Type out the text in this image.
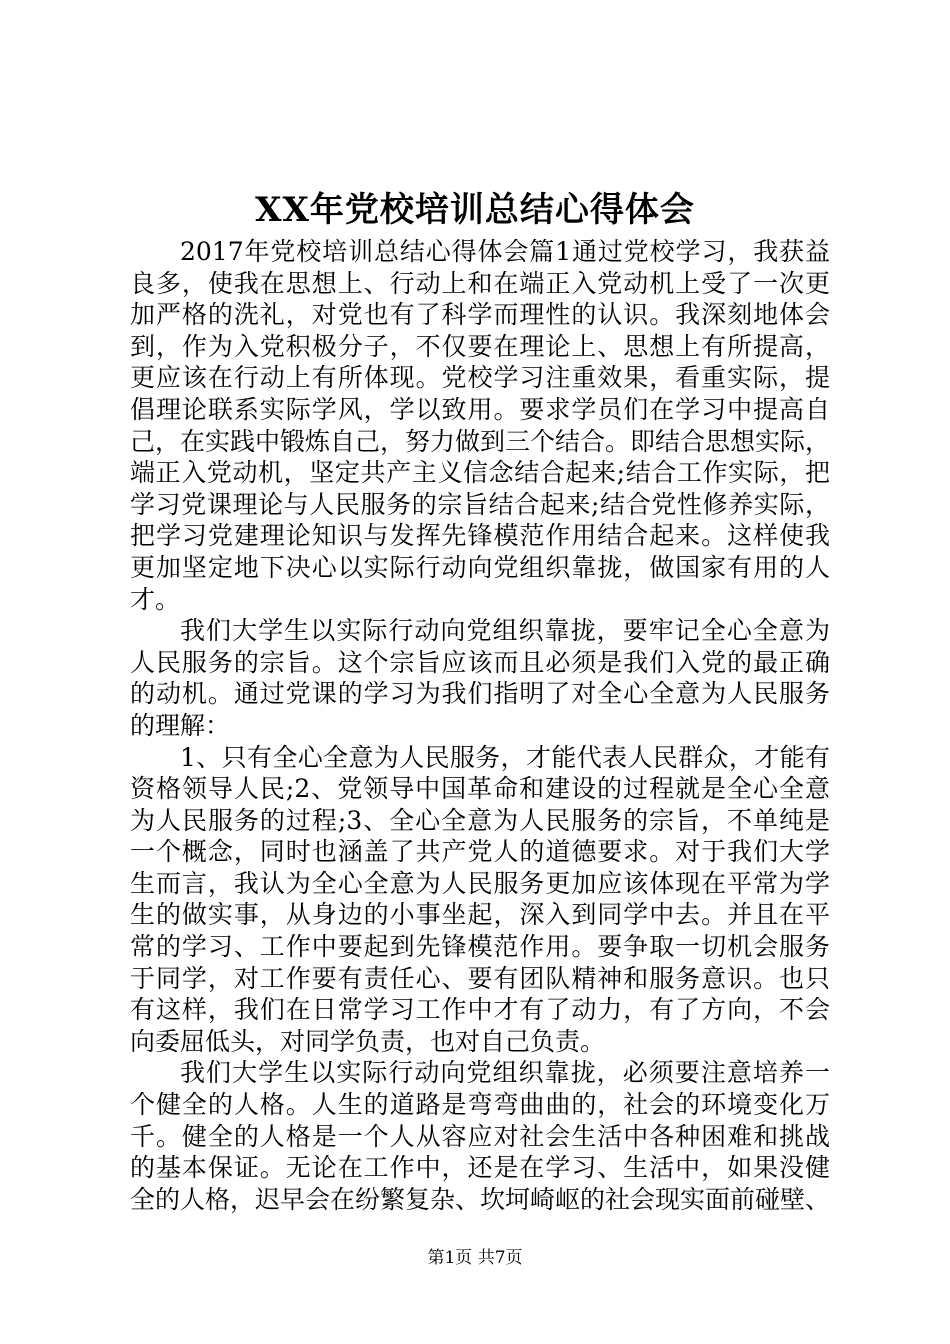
XX年党校培训总结心得体会
2017年党校培训总结心得体会篇1通过党校学习，我获益
良多，使我在思想上、行动上和在端正入党动机上受了一次更
加严格的洗礼，对党也有了科学而理性的认识。我深刻地体会
到，作为入党积极分子，不仅要在理论上、思想上有所提高，
更应该在行动上有所体现。党校学习注重效果，看重实际，提
倡理论联系实际学风，学以致用。要求学员们在学习中提高自
己，在实践中锻炼自己，努力做到三个结合。即结合思想实际，
端正入党动机，坚定共产主义信念结合起来;结合工作实际，把
学习党课理论与人民服务的宗旨结合起来;结合党性修养实际，
把学习党建理论知识与发挥先锋模范作用结合起来。这样使我
更加坚定地下决心以实际行动向党组织靠拢，做国家有用的人
才。
我们大学生以实际行动向党组织靠拢，要牢记全心全意为
人民服务的宗旨。这个宗旨应该而且必须是我们入党的最正确
的动机。通过党课的学习为我们指明了对全心全意为人民服务
的理解：
1、只有全心全意为人民服务，才能代表人民群众，才能有
资格领导人民;2、党领导中国革命和建设的过程就是全心全意
为人民服务的过程;3、全心全意为人民服务的宗旨，不单纯是
一个概念，同时也涵盖了共产党人的道德要求。对于我们大学
生而言，我认为全心全意为人民服务更加应该体现在平常为学
生的做实事，从身边的小事坐起，深入到同学中去。并且在平
常的学习、工作中要起到先锋模范作用。要争取一切机会服务
于同学，对工作要有责任心、要有团队精神和服务意识。也只
有这样，我们在日常学习工作中才有了动力，有了方向，不会
向委屈低头，对同学负责，也对自己负责。
我们大学生以实际行动向党组织靠拢，必须要注意培养一
个健全的人格。人生的道路是弯弯曲曲的，社会的环境变化万
千。健全的人格是一个人从容应对社会生活中各种困难和挑战
的基本保证。无论在工作中，还是在学习、生活中，如果没健
全的人格，迟早会在纷繁复杂、坎坷崎岖的社会现实面前碰壁、
第1页 共7页
